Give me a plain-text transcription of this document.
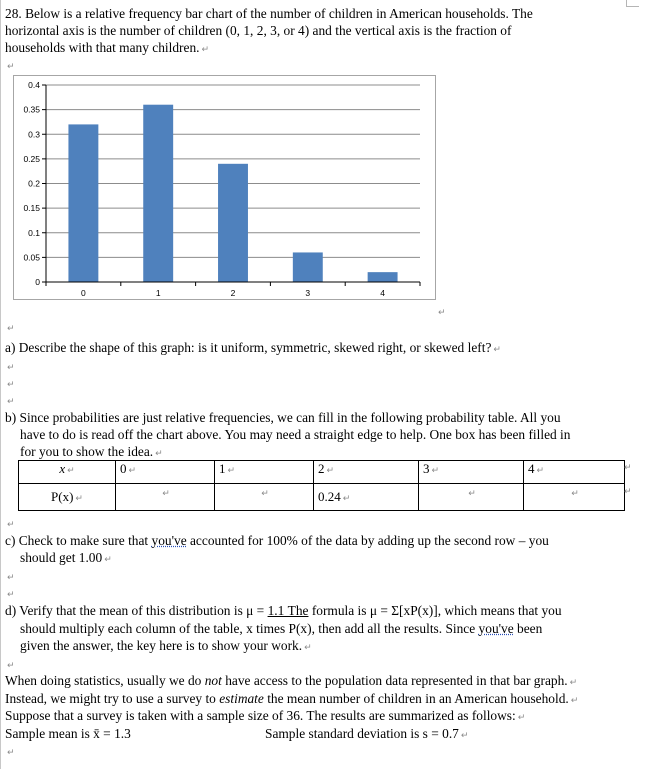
28. Below is a relative frequency bar chart of the number of children in American households. The
horizontal axis is the number of children (0, 1, 2, 3, or 4) and the vertical axis is the fraction of
households with that many children. ↵
↵
0.4
0.35
0.3
0.25
0.2
0.15
0.1
0.05
0
0	1	2	3	4
↵
↵
a) Describe the shape of this graph: is it uniform, symmetric, skewed right, or skewed left? ↵
↵
↵
↵
b) Since probabilities are just relative frequencies, we can fill in the following probability table. All you
have to do is read off the chart above. You may need a straight edge to help. One box has been filled in
for you to show the idea. ↵
x ↵	0 ↵	1 ↵	2 ↵	3 ↵	4 ↵
P(x) ↵	↵	↵	0.24 ↵	↵	↵
↵
↵
↵
c) Check to make sure that you've accounted for 100% of the data by adding up the second row – you
should get 1.00 ↵
↵
↵
d) Verify that the mean of this distribution is μ = 1.1 The formula is μ = Σ[xP(x)], which means that you
should multiply each column of the table, x times P(x), then add all the results. Since you've been
given the answer, the key here is to show your work. ↵
↵
When doing statistics, usually we do not have access to the population data represented in that bar graph. ↵
Instead, we might try to use a survey to estimate the mean number of children in an American household. ↵
Suppose that a survey is taken with a sample size of 36. The results are summarized as follows: ↵
Sample mean is x̄ = 1.3	Sample standard deviation is s = 0.7 ↵
↵
